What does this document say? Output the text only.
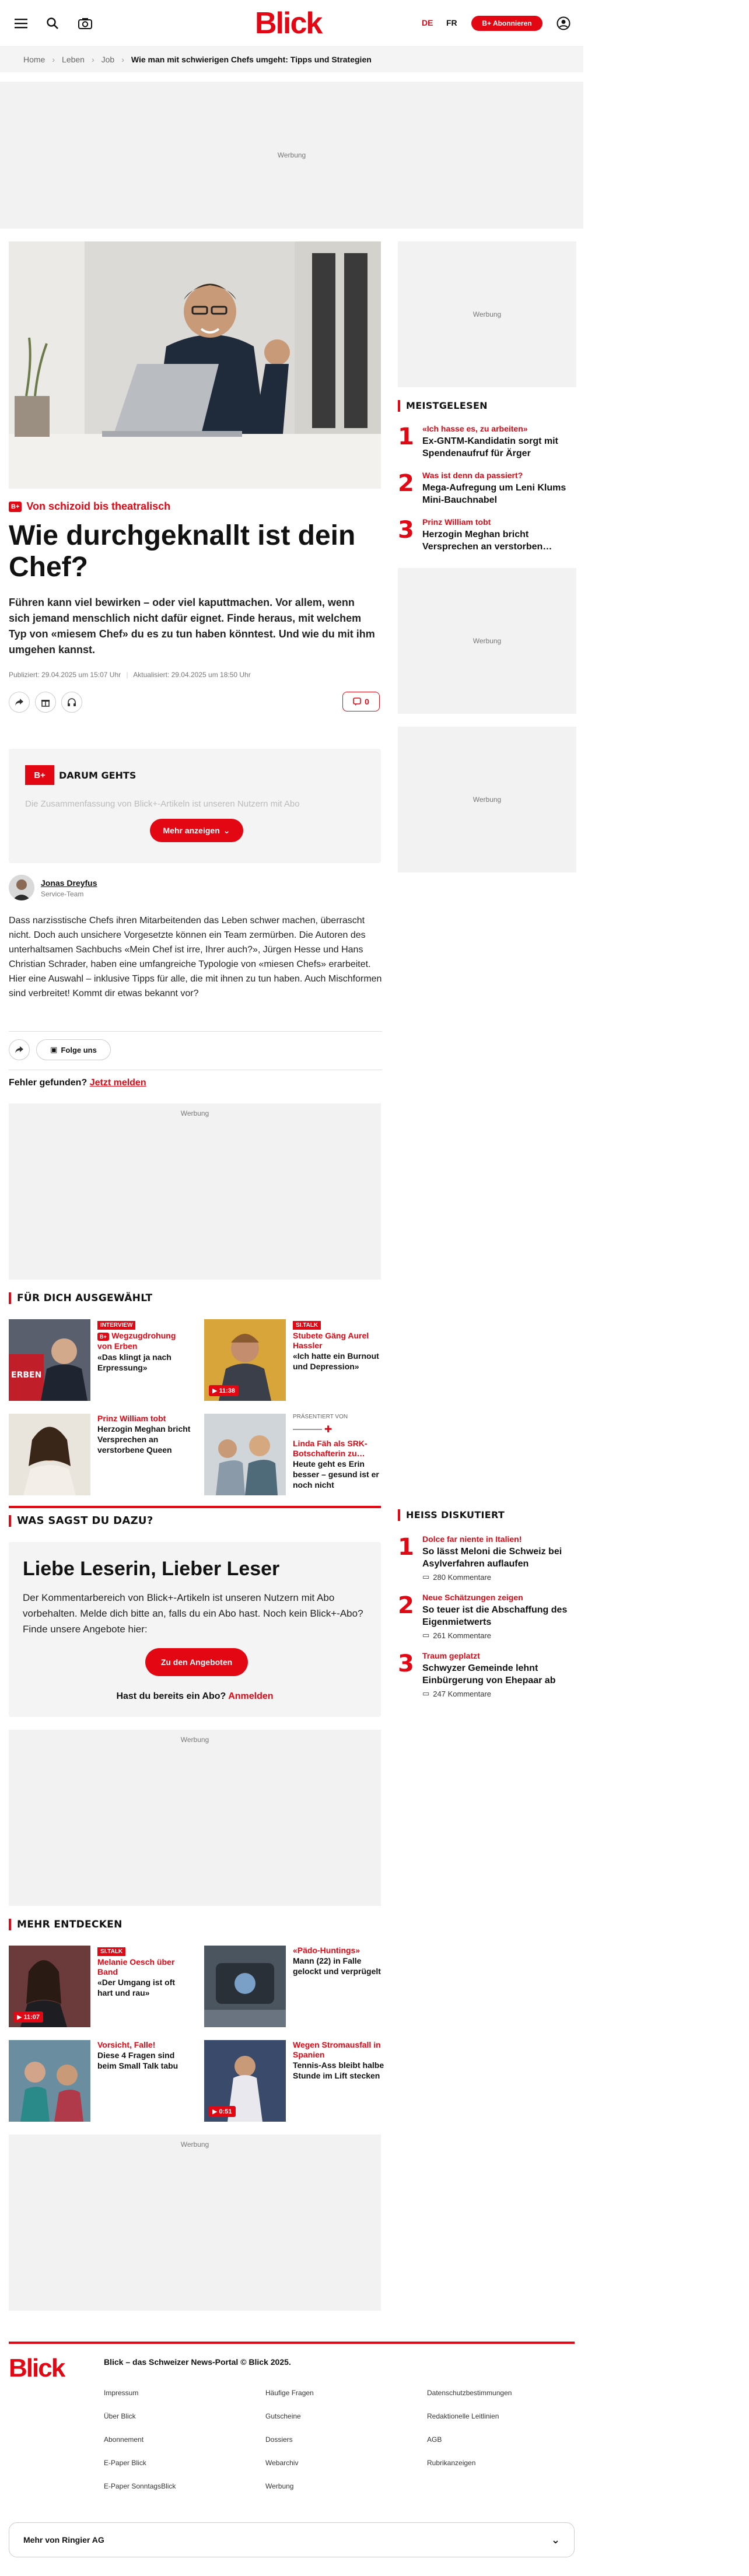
Blick	DE FR	B+ Abonnieren
Home › Leben › Job › Wie man mit schwierigen Chefs umgeht: Tipps und Strategien
Werbung
B+ Von schizoid bis theatralisch
Wie durchgeknallt ist dein Chef?

Führen kann viel bewirken – oder viel kaputtmachen. Vor allem, wenn sich jemand menschlich nicht dafür eignet. Finde heraus, mit welchem Typ von «miesem Chef» du es zu tun haben könntest. Und wie du mit ihm umgehen kannst.

Publiziert: 29.04.2025 um 15:07 Uhr | Aktualisiert: 29.04.2025 um 18:50 Uhr
0
B+	DARUM GEHTS
Die Zusammenfassung von Blick+-Artikeln ist unseren Nutzern mit Abo
Mehr anzeigen ⌄
Jonas Dreyfus
Service-Team

Dass narzisstische Chefs ihren Mitarbeitenden das Leben schwer machen, überrascht nicht. Doch auch unsichere Vorgesetzte können ein Team zermürben. Die Autoren des unterhaltsamen Sachbuchs «Mein Chef ist irre, Ihrer auch?», Jürgen Hesse und Hans Christian Schrader, haben eine umfangreiche Typologie von «miesen Chefs» erarbeitet. Hier eine Auswahl – inklusive Tipps für alle, die mit ihnen zu tun haben. Auch Mischformen sind verbreitet! Kommt dir etwas bekannt vor?

▣ Folge uns
Fehler gefunden? Jetzt melden
Werbung
FÜR DICH AUSGEWÄHLT
ERBEN
INTERVIEW
B+ Wegzugdrohung von Erben
«Das klingt ja nach Erpressung»
▶ 11:38
SI.TALK
Stubete Gäng Aurel Hassler
«Ich hatte ein Burnout und Depression»
Prinz William tobt
Herzogin Meghan bricht Versprechen an verstorbene Queen
PRÄSENTIERT VON
✚
Linda Fäh als SRK-Botschafterin zu…
Heute geht es Erin besser – gesund ist er noch nicht
WAS SAGST DU DAZU?
Liebe Leserin, Lieber Leser
Der Kommentarbereich von Blick+-Artikeln ist unseren Nutzern mit Abo vorbehalten. Melde dich bitte an, falls du ein Abo hast. Noch kein Blick+-Abo? Finde unsere Angebote hier:
Zu den Angeboten
Hast du bereits ein Abo? Anmelden
Werbung
MEHR ENTDECKEN
▶ 11:07
SI.TALK
Melanie Oesch über Band
«Der Umgang ist oft hart und rau»
«Pädo-Huntings»
Mann (22) in Falle gelockt und verprügelt
Vorsicht, Falle!
Diese 4 Fragen sind beim Small Talk tabu
▶ 0:51
Wegen Stromausfall in Spanien
Tennis-Ass bleibt halbe Stunde im Lift stecken
Werbung
Werbung
MEISTGELESEN
1 «Ich hasse es, zu arbeiten»
Ex-GNTM-Kandidatin sorgt mit Spendenaufruf für Ärger
2 Was ist denn da passiert?
Mega-Aufregung um Leni Klums Mini-Bauchnabel
3 Prinz William tobt
Herzogin Meghan bricht Versprechen an verstorben…
Werbung
Werbung
HEISS DISKUTIERT
1 Dolce far niente in Italien!
So lässt Meloni die Schweiz bei Asylverfahren auflaufen
▭ 280 Kommentare
2 Neue Schätzungen zeigen
So teuer ist die Abschaffung des Eigenmietwerts
▭ 261 Kommentare
3 Traum geplatzt
Schwyzer Gemeinde lehnt Einbürgerung von Ehepaar ab
▭ 247 Kommentare
Blick	Blick – das Schweizer News-Portal © Blick 2025.
Impressum
Über Blick
Abonnement
E-Paper Blick
E-Paper SonntagsBlick
Häufige Fragen
Gutscheine
Dossiers
Webarchiv
Werbung
Datenschutzbestimmungen
Redaktionelle Leitlinien
AGB
Rubrikanzeigen
Mehr von Ringier AG	⌄
